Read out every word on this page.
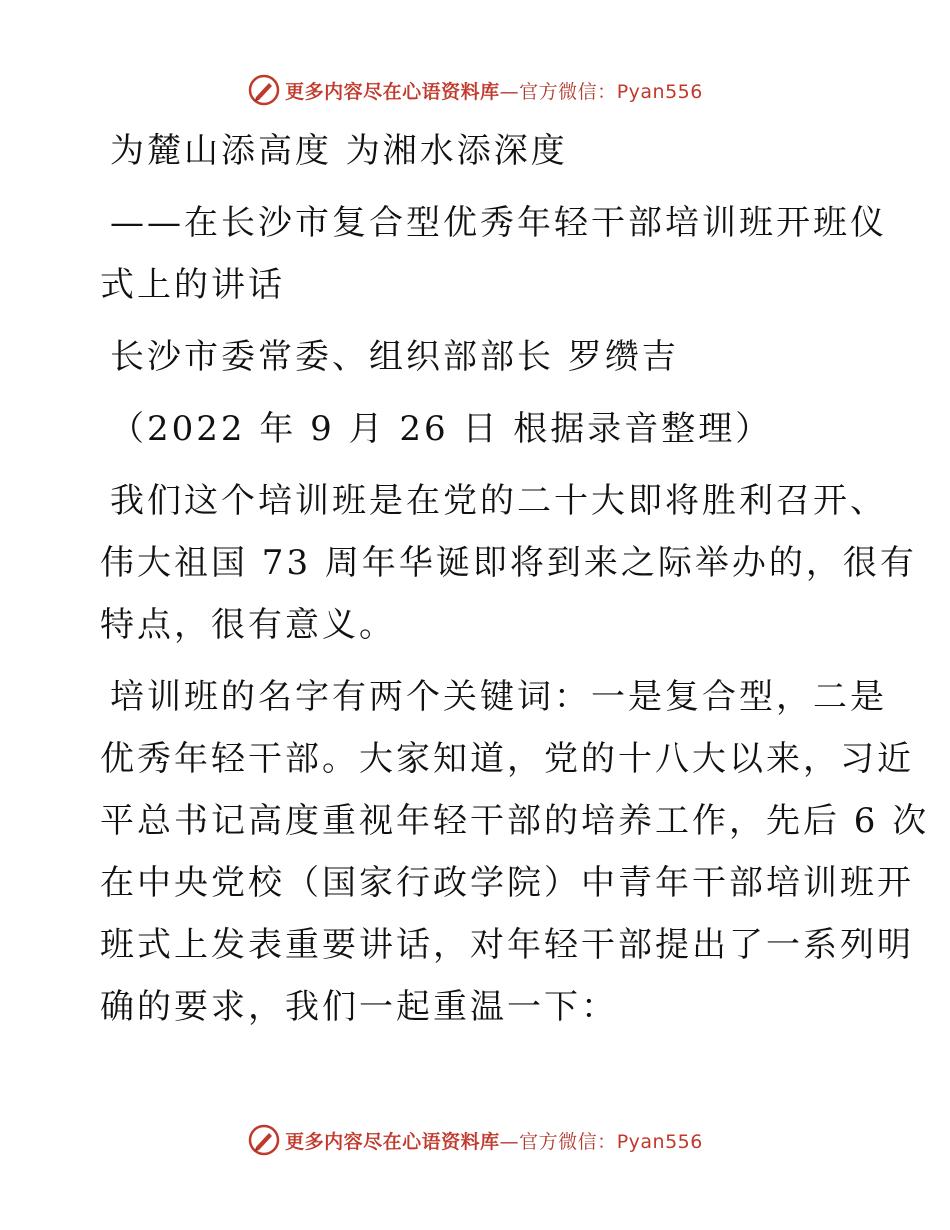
更多内容尽在心语资料库—官方微信：Pyan556
为麓山添高度 为湘水添深度
——在长沙市复合型优秀年轻干部培训班开班仪
式上的讲话
长沙市委常委、组织部部长 罗缵吉
（2022 年 9 月 26 日 根据录音整理）
我们这个培训班是在党的二十大即将胜利召开、
伟大祖国 73 周年华诞即将到来之际举办的，很有
特点，很有意义。
培训班的名字有两个关键词：一是复合型，二是
优秀年轻干部。大家知道，党的十八大以来，习近
平总书记高度重视年轻干部的培养工作，先后 6 次
在中央党校（国家行政学院）中青年干部培训班开
班式上发表重要讲话，对年轻干部提出了一系列明
确的要求，我们一起重温一下：
更多内容尽在心语资料库—官方微信：Pyan556
